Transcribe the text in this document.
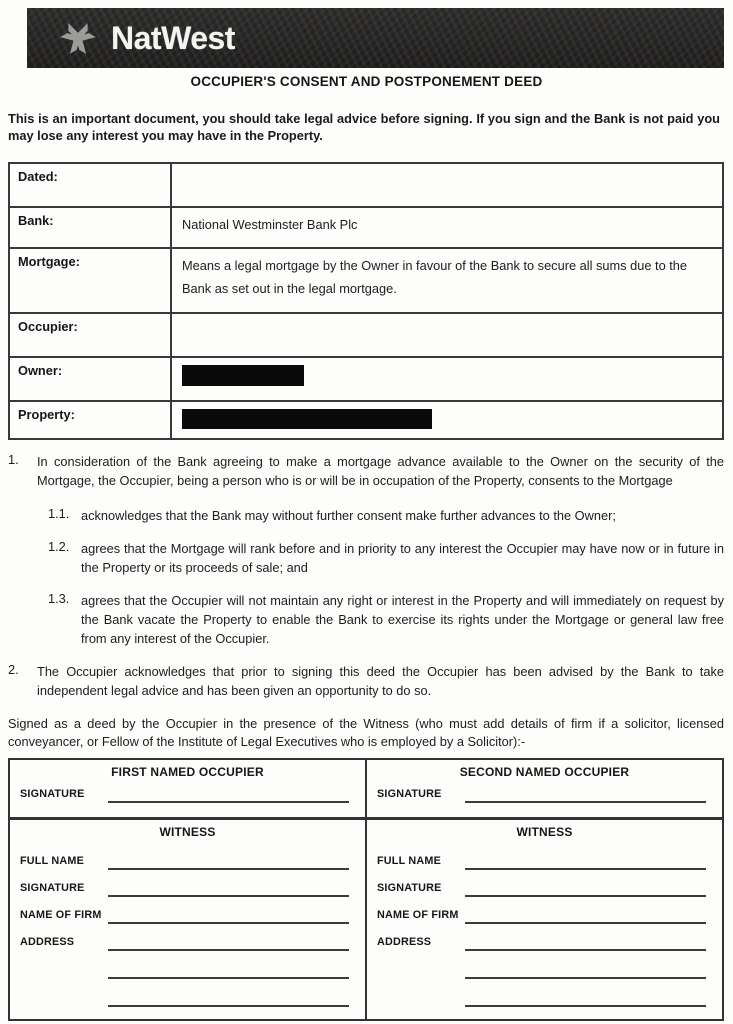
NatWest
OCCUPIER'S CONSENT AND POSTPONEMENT DEED
This is an important document, you should take legal advice before signing. If you sign and the Bank is not paid you may lose any interest you may have in the Property.
Dated:	
Bank:	National Westminster Bank Plc
Mortgage:	Means a legal mortgage by the Owner in favour of the Bank to secure all sums due to the Bank as set out in the legal mortgage.
Occupier:	
Owner:	

Property:	
1.	In consideration of the Bank agreeing to make a mortgage advance available to the Owner on the security of the Mortgage, the Occupier, being a person who is or will be in occupation of the Property, consents to the Mortgage
1.1. acknowledges that the Bank may without further consent make further advances to the Owner;
1.2. agrees that the Mortgage will rank before and in priority to any interest the Occupier may have now or in future in the Property or its proceeds of sale; and
1.3. agrees that the Occupier will not maintain any right or interest in the Property and will immediately on request by the Bank vacate the Property to enable the Bank to exercise its rights under the Mortgage or general law free from any interest of the Occupier.
2.	The Occupier acknowledges that prior to signing this deed the Occupier has been advised by the Bank to take independent legal advice and has been given an opportunity to do so.
Signed as a deed by the Occupier in the presence of the Witness (who must add details of firm if a solicitor, licensed conveyancer, or Fellow of the Institute of Legal Executives who is employed by a Solicitor):-
FIRST NAMED OCCUPIER
SIGNATURE
WITNESS
FULL NAME
SIGNATURE
NAME OF FIRM
ADDRESS
SECOND NAMED OCCUPIER
SIGNATURE
WITNESS
FULL NAME
SIGNATURE
NAME OF FIRM
ADDRESS
